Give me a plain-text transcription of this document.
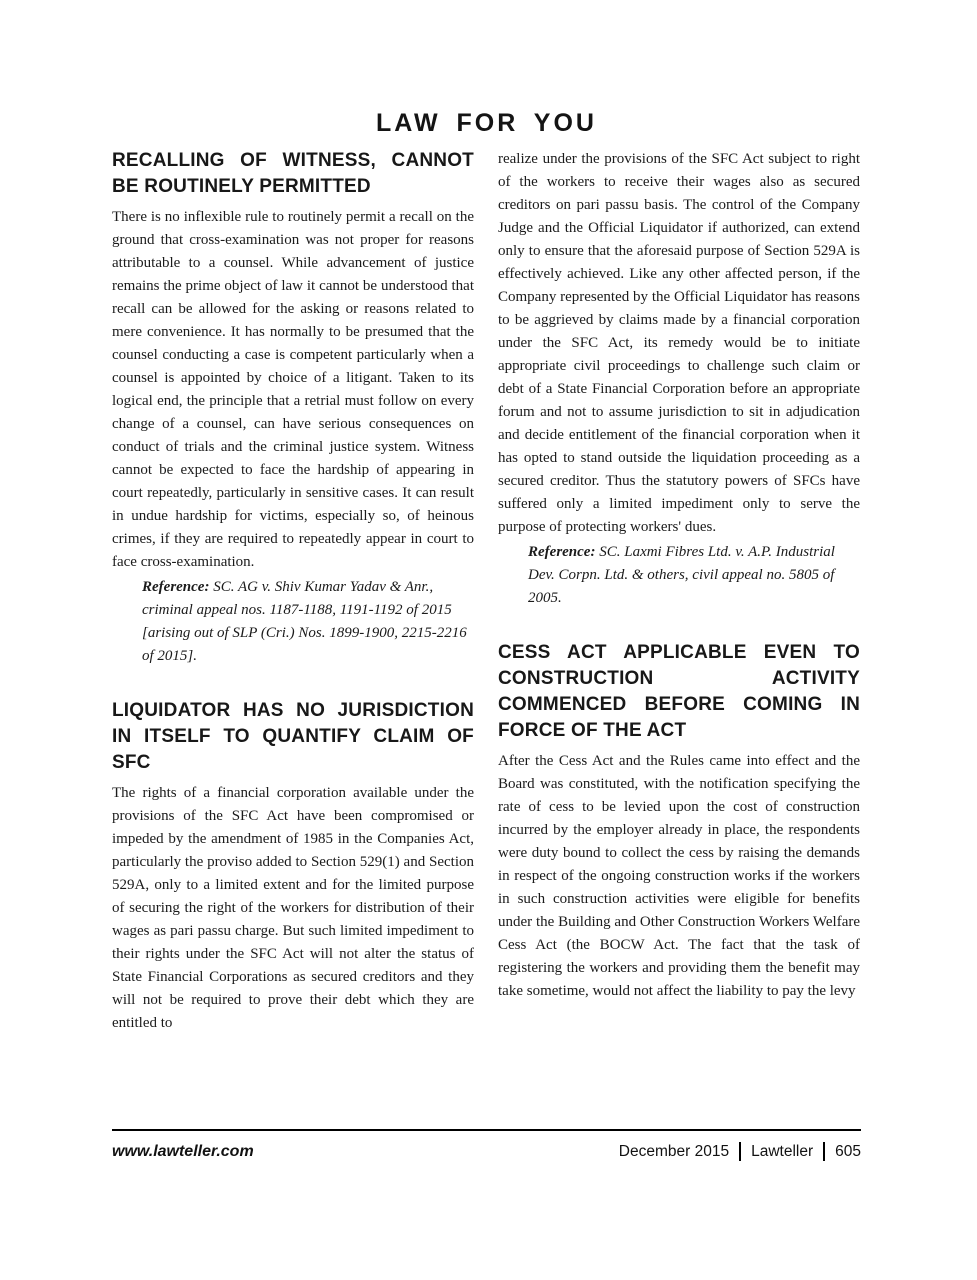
LAW FOR YOU
RECALLING OF WITNESS, CANNOT BE ROUTINELY PERMITTED

There is no inflexible rule to routinely permit a recall on the ground that cross-examination was not proper for reasons attributable to a counsel. While advancement of justice remains the prime object of law it cannot be understood that recall can be allowed for the asking or reasons related to mere convenience. It has normally to be presumed that the counsel conducting a case is competent particularly when a counsel is appointed by choice of a litigant. Taken to its logical end, the principle that a retrial must follow on every change of a counsel, can have serious consequences on conduct of trials and the criminal justice system. Witness cannot be expected to face the hardship of appearing in court repeatedly, particularly in sensitive cases. It can result in undue hardship for victims, especially so, of heinous crimes, if they are required to repeatedly appear in court to face cross-examination.

Reference: SC. AG v. Shiv Kumar Yadav & Anr., criminal appeal nos. 1187-1188, 1191-1192 of 2015 [arising out of SLP (Cri.) Nos. 1899-1900, 2215-2216 of 2015].

LIQUIDATOR HAS NO JURISDICTION IN ITSELF TO QUANTIFY CLAIM OF SFC

The rights of a financial corporation available under the provisions of the SFC Act have been compromised or impeded by the amendment of 1985 in the Companies Act, particularly the proviso added to Section 529(1) and Section 529A, only to a limited extent and for the limited purpose of securing the right of the workers for distribution of their wages as pari passu charge. But such limited impediment to their rights under the SFC Act will not alter the status of State Financial Corporations as secured creditors and they will not be required to prove their debt which they are entitled to

realize under the provisions of the SFC Act subject to right of the workers to receive their wages also as secured creditors on pari passu basis. The control of the Company Judge and the Official Liquidator if authorized, can extend only to ensure that the aforesaid purpose of Section 529A is effectively achieved. Like any other affected person, if the Company represented by the Official Liquidator has reasons to be aggrieved by claims made by a financial corporation under the SFC Act, its remedy would be to initiate appropriate civil proceedings to challenge such claim or debt of a State Financial Corporation before an appropriate forum and not to assume jurisdiction to sit in adjudication and decide entitlement of the financial corporation when it has opted to stand outside the liquidation proceeding as a secured creditor. Thus the statutory powers of SFCs have suffered only a limited impediment only to serve the purpose of protecting workers' dues.

Reference: SC. Laxmi Fibres Ltd. v. A.P. Industrial Dev. Corpn. Ltd. & others, civil appeal no. 5805 of 2005.

CESS ACT APPLICABLE EVEN TO CONSTRUCTION ACTIVITY COMMENCED BEFORE COMING IN FORCE OF THE ACT

After the Cess Act and the Rules came into effect and the Board was constituted, with the notification specifying the rate of cess to be levied upon the cost of construction incurred by the employer already in place, the respondents were duty bound to collect the cess by raising the demands in respect of the ongoing construction works if the workers in such construction activities were eligible for benefits under the Building and Other Construction Workers Welfare Cess Act (the BOCW Act. The fact that the task of registering the workers and providing them the benefit may take sometime, would not affect the liability to pay the levy

www.lawteller.com	December 2015 Lawteller 605
